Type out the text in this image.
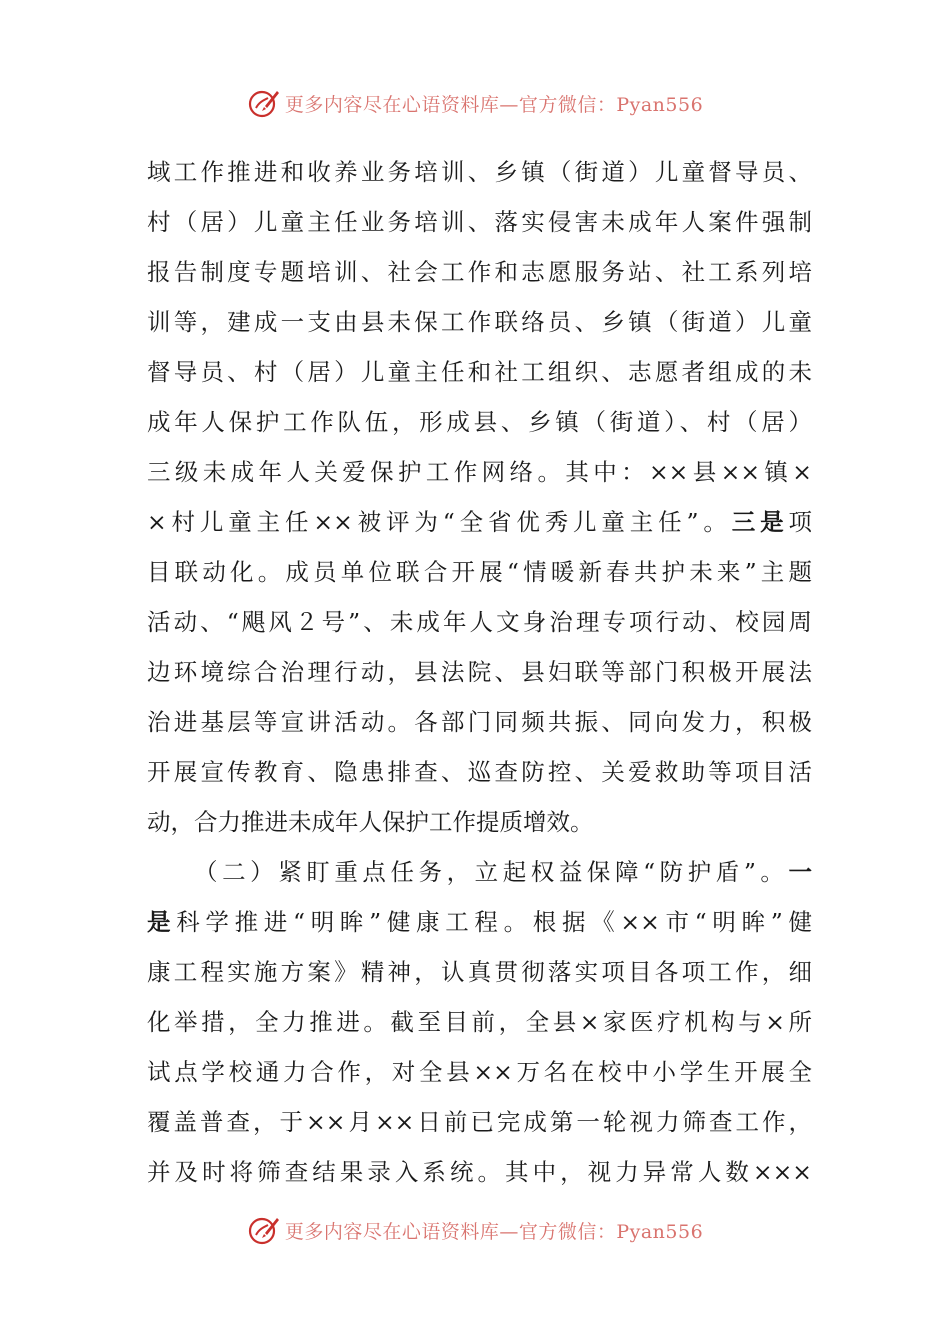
更多内容尽在心语资料库—官方微信：Pyan556
域工作推进和收养业务培训、乡镇（街道）儿童督导员、
村（居）儿童主任业务培训、落实侵害未成年人案件强制
报告制度专题培训、社会工作和志愿服务站、社工系列培
训等，建成一支由县未保工作联络员、乡镇（街道）儿童
督导员、村（居）儿童主任和社工组织、志愿者组成的未
成年人保护工作队伍，形成县、乡镇（街道）、村（居）
三级未成年人关爱保护工作网络。其中：××县××镇×
×村儿童主任××被评为“全省优秀儿童主任”。三是项
目联动化。成员单位联合开展“情暖新春共护未来”主题
活动、“飓风２号”、未成年人文身治理专项行动、校园周
边环境综合治理行动，县法院、县妇联等部门积极开展法
治进基层等宣讲活动。各部门同频共振、同向发力，积极
开展宣传教育、隐患排查、巡查防控、关爱救助等项目活
动，合力推进未成年人保护工作提质增效。
（二）紧盯重点任务，立起权益保障“防护盾”。一
是科学推进“明眸”健康工程。根据《××市“明眸”健
康工程实施方案》精神，认真贯彻落实项目各项工作，细
化举措，全力推进。截至目前，全县×家医疗机构与×所
试点学校通力合作，对全县××万名在校中小学生开展全
覆盖普查，于××月××日前已完成第一轮视力筛查工作，
并及时将筛查结果录入系统。其中，视力异常人数×××
更多内容尽在心语资料库—官方微信：Pyan556
